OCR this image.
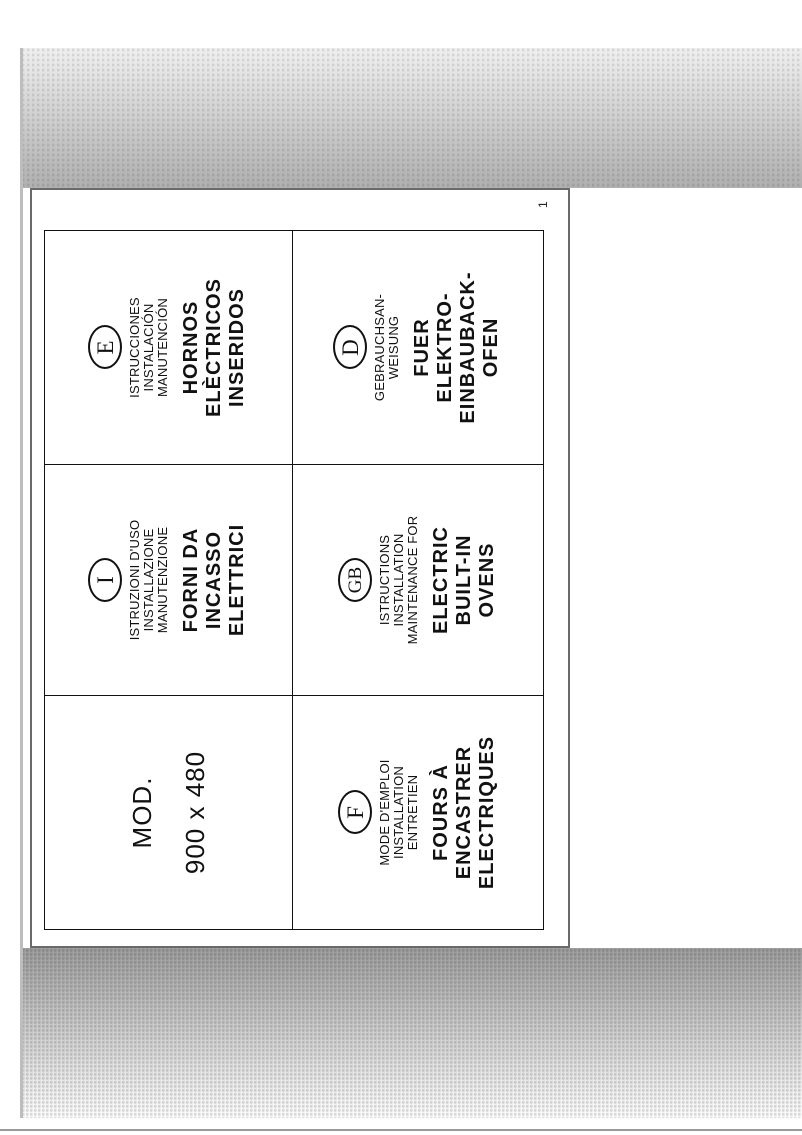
1
MOD. 900 x 480
I ISTRUZIONI D'USO INSTALLAZIONE MANUTENZIONE FORNI DA INCASSO ELETTRICI
E ISTRUCCIONES INSTALACIÓN MANUTENCIÓN HORNOS ELÈCTRICOS INSERIDOS
F MODE D'EMPLOI INSTALLATION ENTRETIEN FOURS À ENCASTRER ELECTRIQUES
GB ISTRUCTIONS INSTALLATION MAINTENANCE FOR ELECTRIC BUILT-IN OVENS
D GEBRAUCHSAN- WEISUNG FUER ELEKTRO- EINBAUBACK- OFEN
